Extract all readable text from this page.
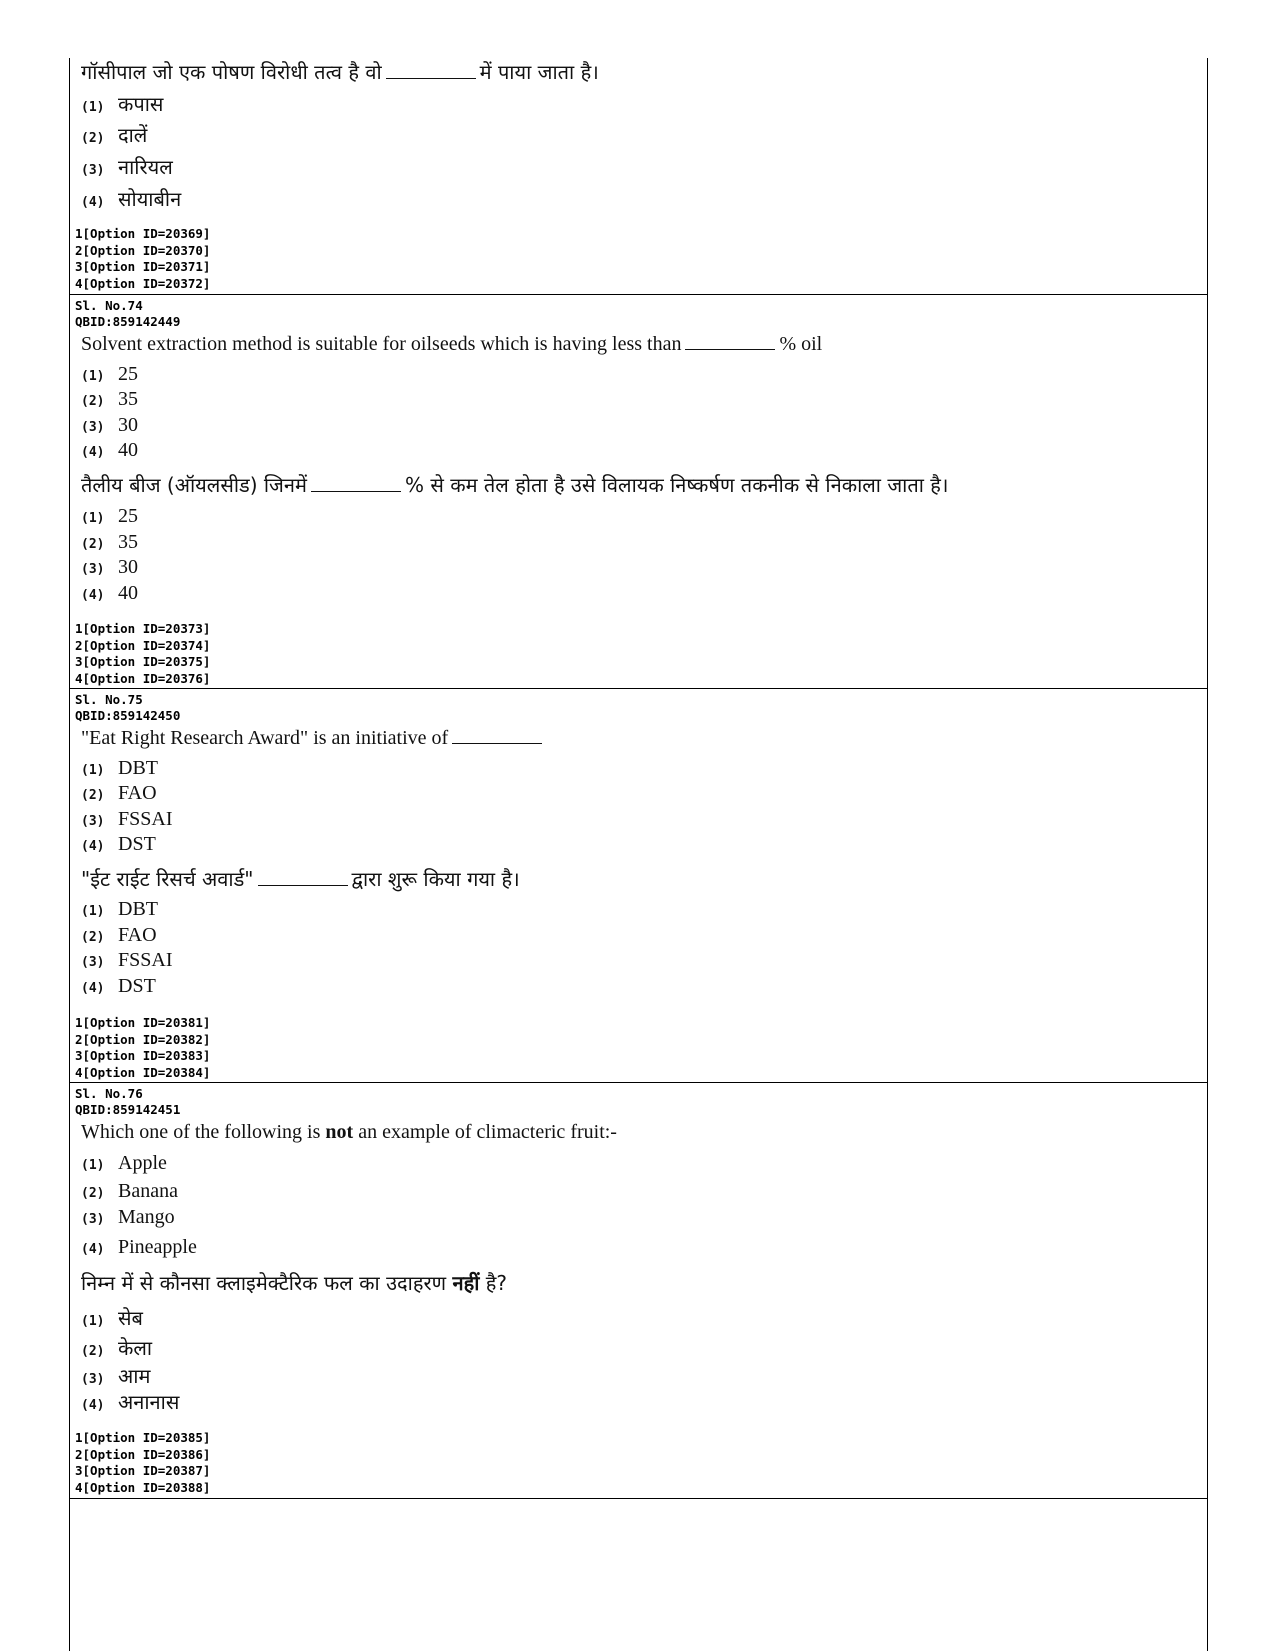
गॉसीपाल जो एक पोषण विरोधी तत्व है वो	में पाया जाता है।
(1) कपास
(2) दालें
(3) नारियल
(4) सोयाबीन
1[Option ID=20369]
2[Option ID=20370]
3[Option ID=20371]
4[Option ID=20372]
Sl. No.74
QBID:859142449
Solvent extraction method is suitable for oilseeds which is having less than	% oil
(1) 25
(2) 35
(3) 30
(4) 40
तैलीय बीज (ऑयलसीड) जिनमें	% से कम तेल होता है उसे विलायक निष्कर्षण तकनीक से निकाला जाता है।
(1) 25
(2) 35
(3) 30
(4) 40
1[Option ID=20373]
2[Option ID=20374]
3[Option ID=20375]
4[Option ID=20376]
Sl. No.75
QBID:859142450
"Eat Right Research Award" is an initiative of
(1) DBT
(2) FAO
(3) FSSAI
(4) DST
"ईट राईट रिसर्च अवार्ड"	द्वारा शुरू किया गया है।
(1) DBT
(2) FAO
(3) FSSAI
(4) DST
1[Option ID=20381]
2[Option ID=20382]
3[Option ID=20383]
4[Option ID=20384]
Sl. No.76
QBID:859142451
Which one of the following is not an example of climacteric fruit:-
(1) Apple
(2) Banana
(3) Mango
(4) Pineapple
निम्न में से कौनसा क्लाइमेक्टैरिक फल का उदाहरण नहीं है?
(1) सेब
(2) केला
(3) आम
(4) अनानास
1[Option ID=20385]
2[Option ID=20386]
3[Option ID=20387]
4[Option ID=20388]
